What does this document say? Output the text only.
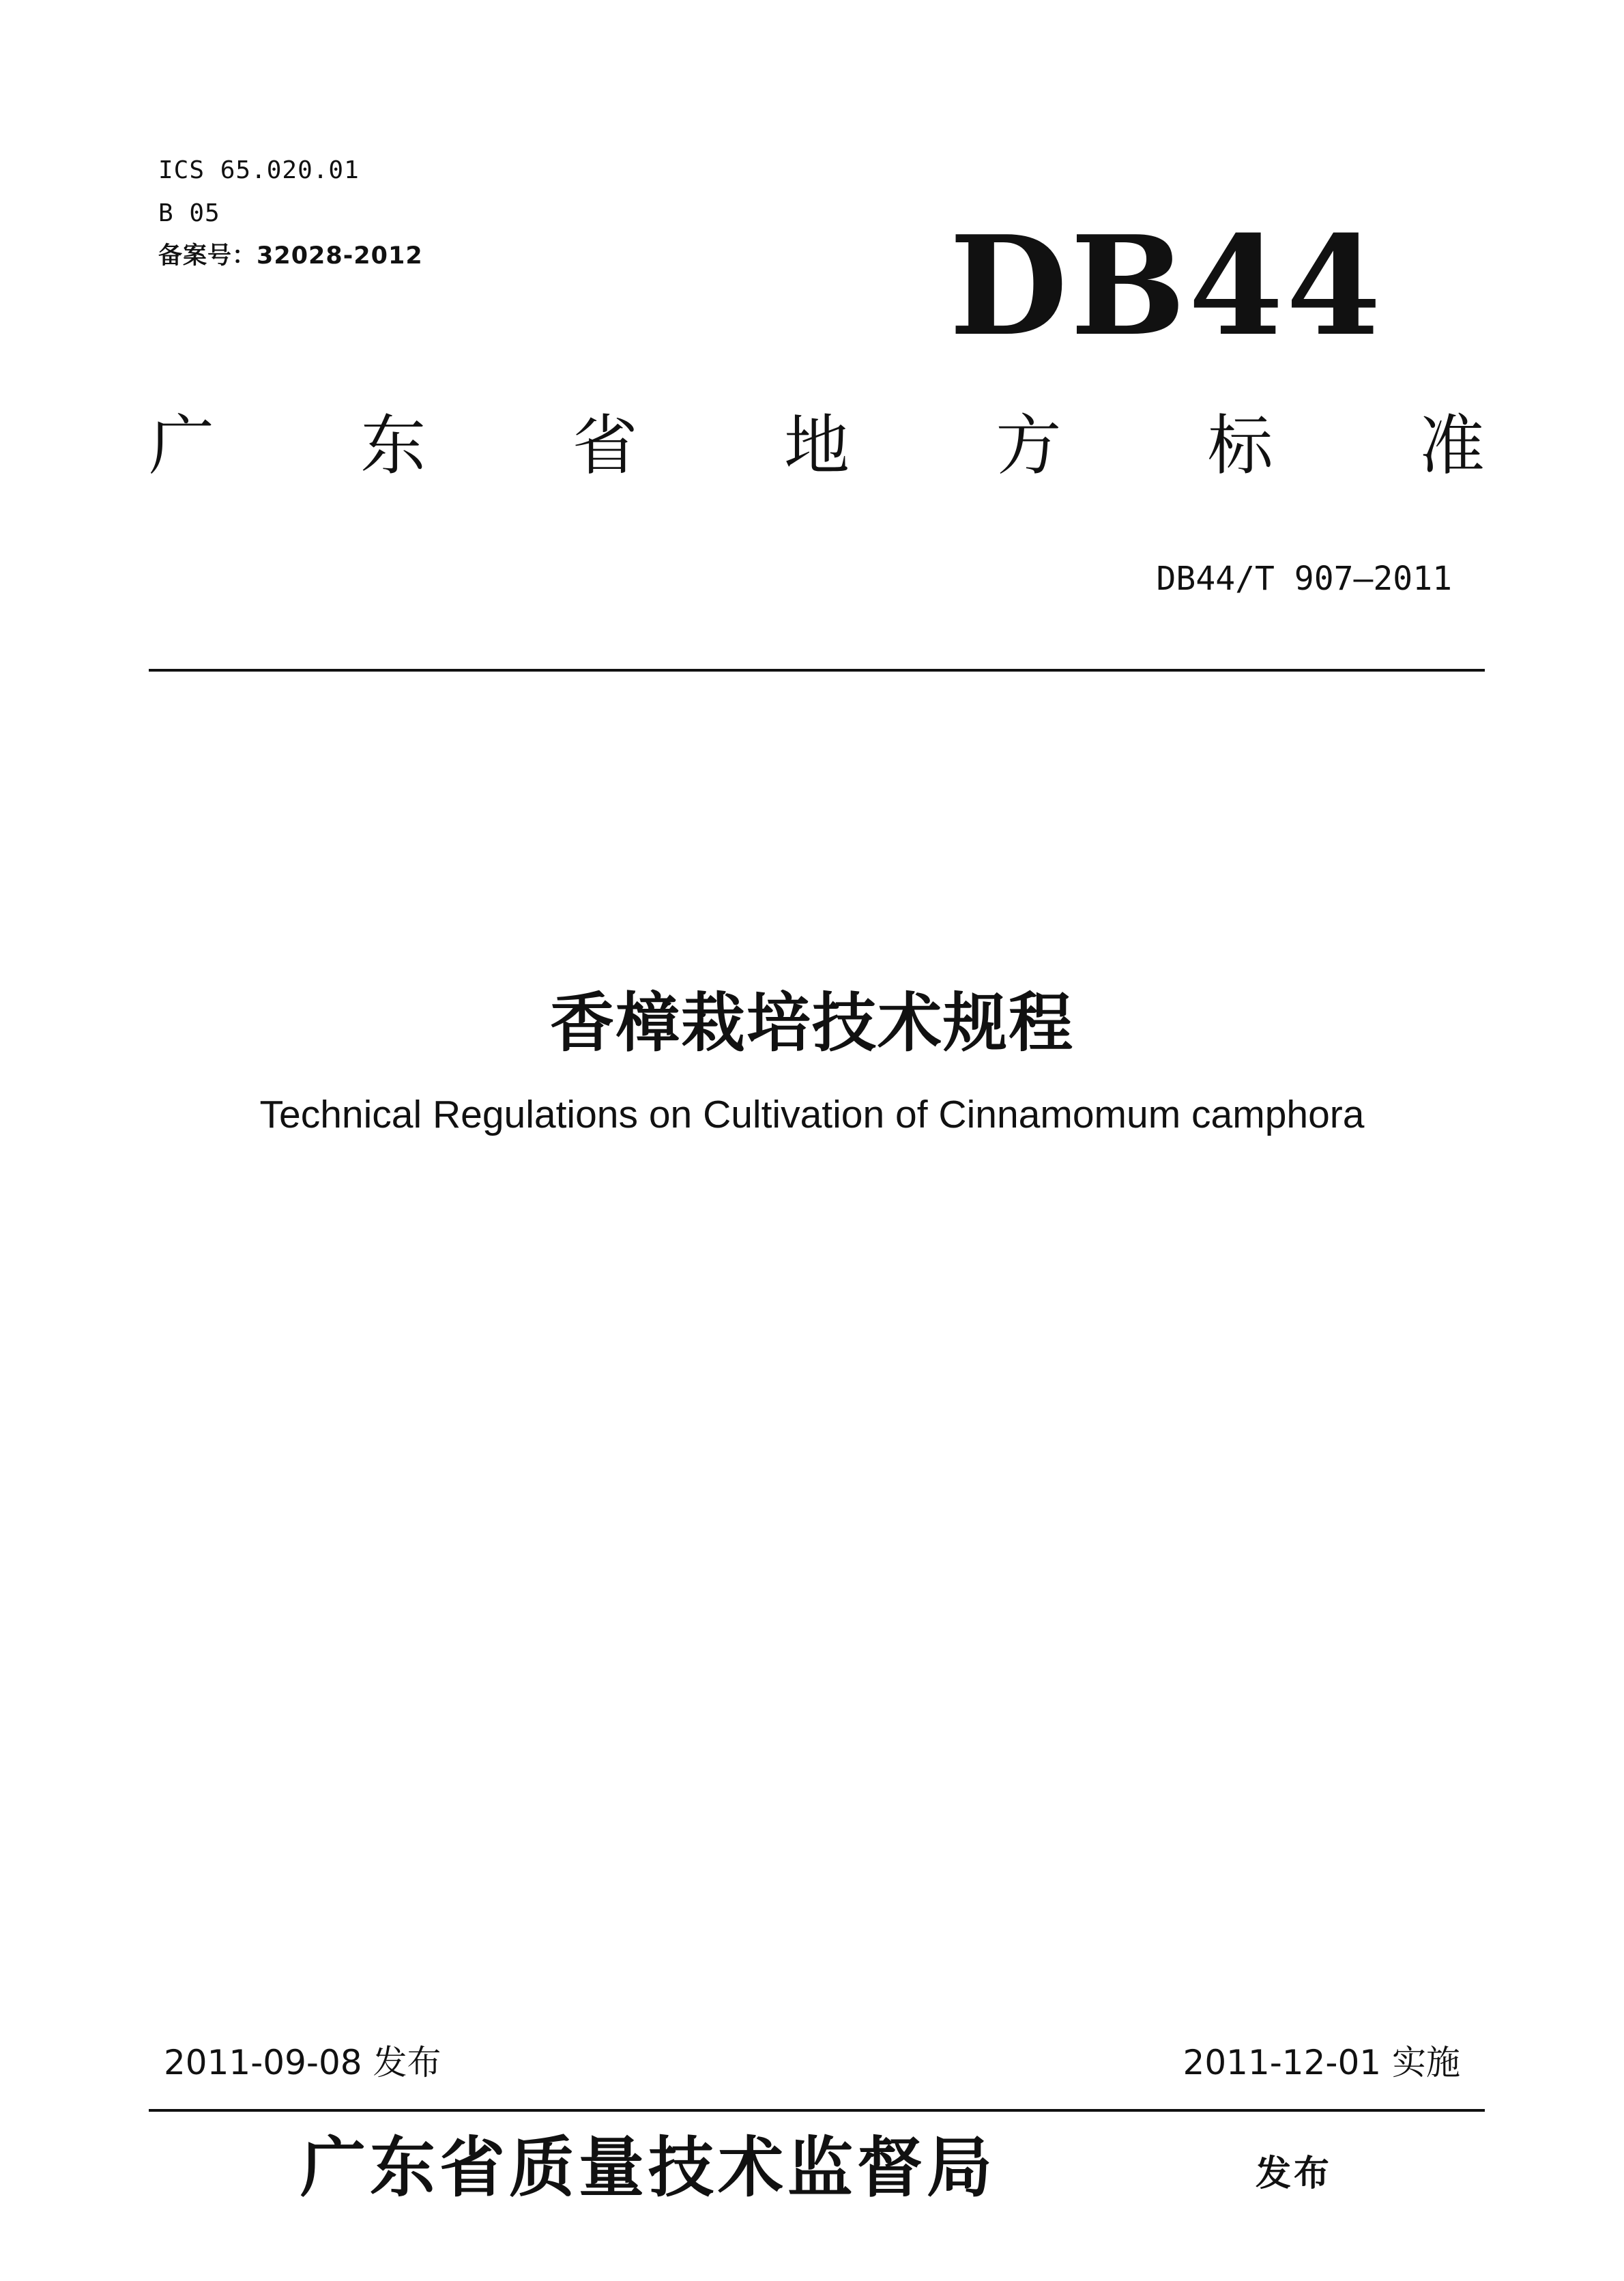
ICS 65.020.01
B 05
备案号：32028-2012	DB44
广 东 省 地 方 标 准
DB44/T 907—2011
香樟栽培技术规程
Technical Regulations on Cultivation of Cinnamomum camphora
2011-09-08 发布	2011-12-01 实施
广东省质量技术监督局	发布
